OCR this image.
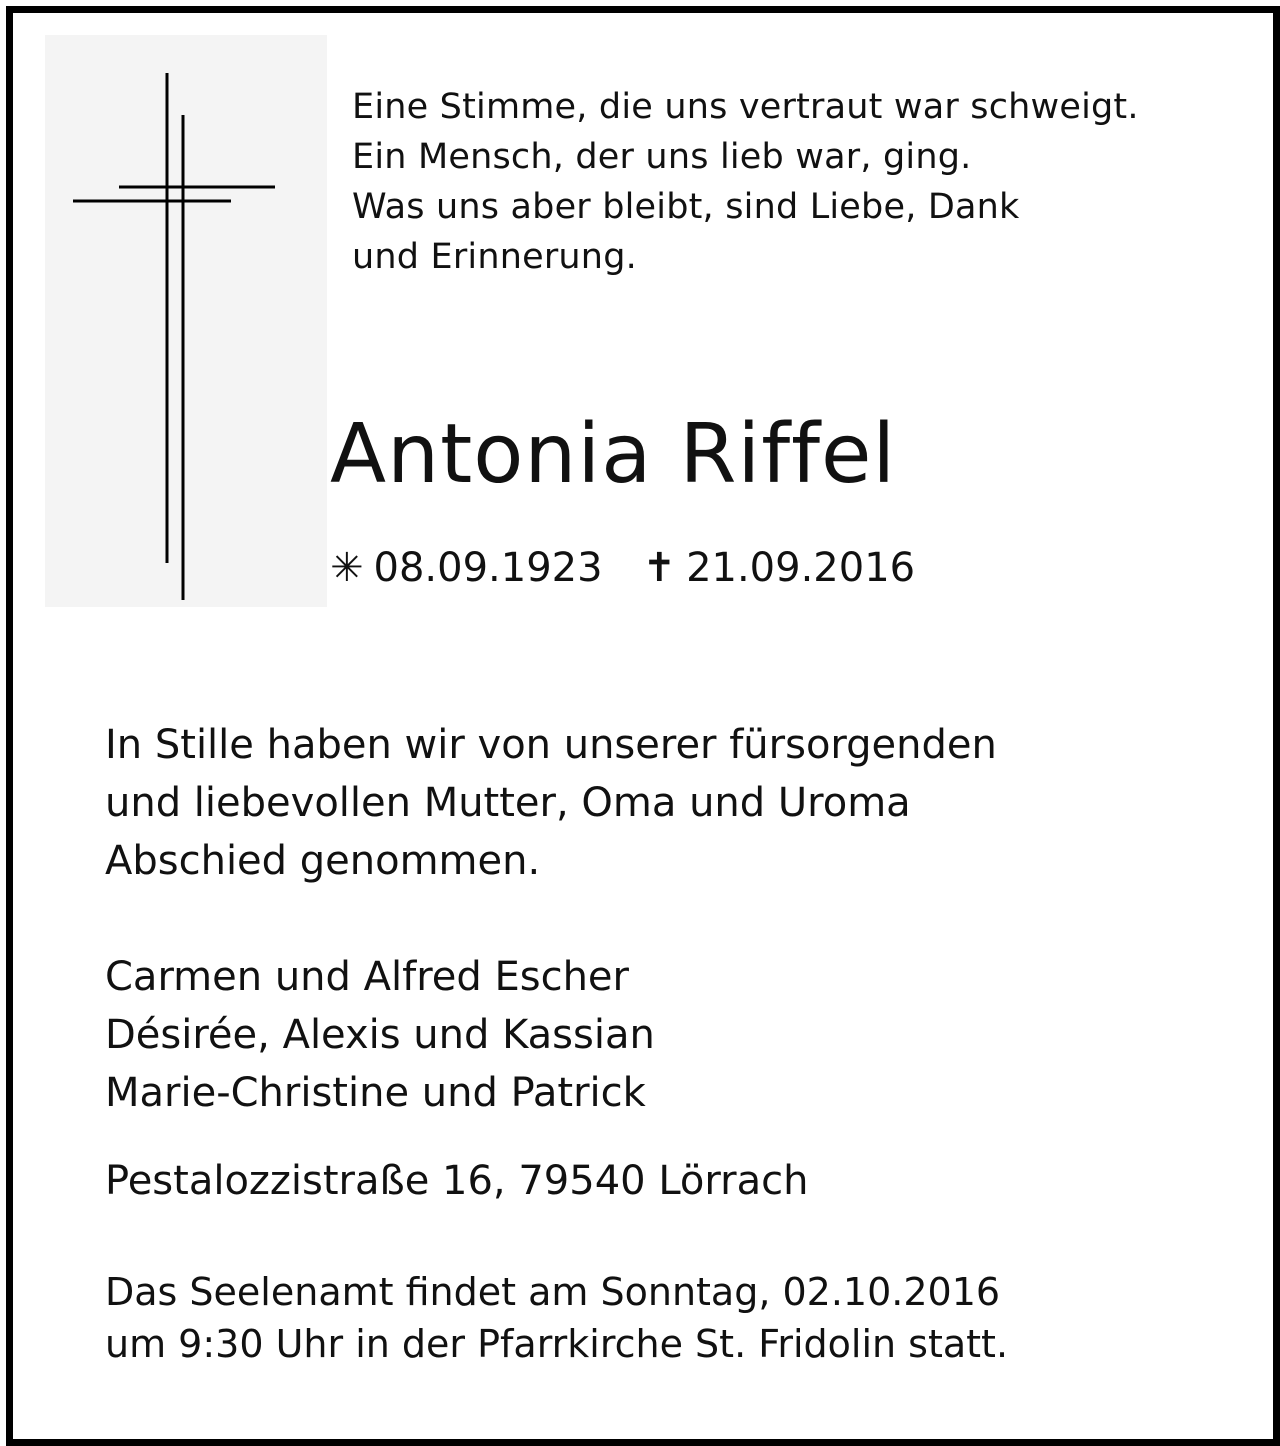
Eine Stimme, die uns vertraut war schweigt.
Ein Mensch, der uns lieb war, ging.
Was uns aber bleibt, sind Liebe, Dank
und Erinnerung.
Antonia Riffel
✳ 08.09.1923 ✝ 21.09.2016
In Stille haben wir von unserer fürsorgenden
und liebevollen Mutter, Oma und Uroma
Abschied genommen.
Carmen und Alfred Escher
Désirée, Alexis und Kassian
Marie-Christine und Patrick
Pestalozzistraße 16, 79540 Lörrach
Das Seelenamt findet am Sonntag, 02.10.2016
um 9:30 Uhr in der Pfarrkirche St. Fridolin statt.
